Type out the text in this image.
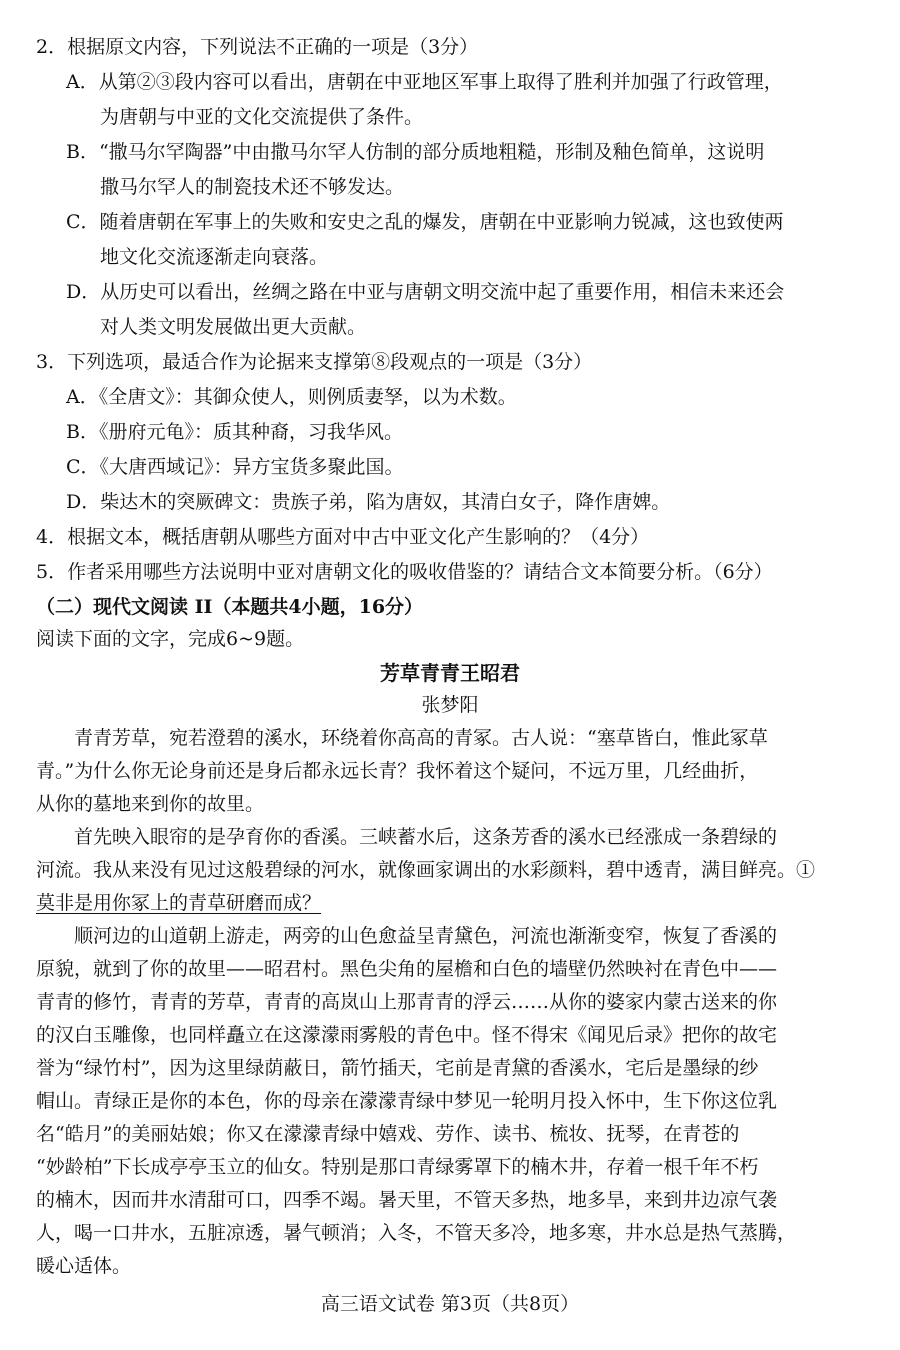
2．根据原文内容，下列说法不正确的一项是（3分）
A．从第②③段内容可以看出，唐朝在中亚地区军事上取得了胜利并加强了行政管理，
为唐朝与中亚的文化交流提供了条件。
B．“撒马尔罕陶器”中由撒马尔罕人仿制的部分质地粗糙，形制及釉色简单，这说明
撒马尔罕人的制瓷技术还不够发达。
C．随着唐朝在军事上的失败和安史之乱的爆发，唐朝在中亚影响力锐减，这也致使两
地文化交流逐渐走向衰落。
D．从历史可以看出，丝绸之路在中亚与唐朝文明交流中起了重要作用，相信未来还会
对人类文明发展做出更大贡献。
3．下列选项，最适合作为论据来支撑第⑧段观点的一项是（3分）
A．《全唐文》：其御众使人，则例质妻孥，以为术数。
B．《册府元龟》：质其种裔，习我华风。
C．《大唐西域记》：异方宝货多聚此国。
D．柴达木的突厥碑文：贵族子弟，陷为唐奴，其清白女子，降作唐婢。
4．根据文本，概括唐朝从哪些方面对中古中亚文化产生影响的？（4分）
5．作者采用哪些方法说明中亚对唐朝文化的吸收借鉴的？请结合文本简要分析。（6分）
（二）现代文阅读 II（本题共4小题，16分）
阅读下面的文字，完成6~9题。
芳草青青王昭君
张梦阳
青青芳草，宛若澄碧的溪水，环绕着你高高的青冢。古人说：“塞草皆白，惟此冢草
青。”为什么你无论身前还是身后都永远长青？我怀着这个疑问，不远万里，几经曲折，
从你的墓地来到你的故里。
首先映入眼帘的是孕育你的香溪。三峡蓄水后，这条芳香的溪水已经涨成一条碧绿的
河流。我从来没有见过这般碧绿的河水，就像画家调出的水彩颜料，碧中透青，满目鲜亮。①
莫非是用你冢上的青草研磨而成？
顺河边的山道朝上游走，两旁的山色愈益呈青黛色，河流也渐渐变窄，恢复了香溪的
原貌，就到了你的故里——昭君村。黑色尖角的屋檐和白色的墙壁仍然映衬在青色中——
青青的修竹，青青的芳草，青青的高岚山上那青青的浮云……从你的婆家内蒙古送来的你
的汉白玉雕像，也同样矗立在这濛濛雨雾般的青色中。怪不得宋《闻见后录》把你的故宅
誉为“绿竹村”，因为这里绿荫蔽日，箭竹插天，宅前是青黛的香溪水，宅后是墨绿的纱
帽山。青绿正是你的本色，你的母亲在濛濛青绿中梦见一轮明月投入怀中，生下你这位乳
名“皓月”的美丽姑娘；你又在濛濛青绿中嬉戏、劳作、读书、梳妆、抚琴，在青苍的
“妙龄柏”下长成亭亭玉立的仙女。特别是那口青绿雾罩下的楠木井，存着一根千年不朽
的楠木，因而井水清甜可口，四季不竭。暑天里，不管天多热，地多旱，来到井边凉气袭
人，喝一口井水，五脏凉透，暑气顿消；入冬，不管天多冷，地多寒，井水总是热气蒸腾，
暖心适体。
高三语文试卷 第3页（共8页）
